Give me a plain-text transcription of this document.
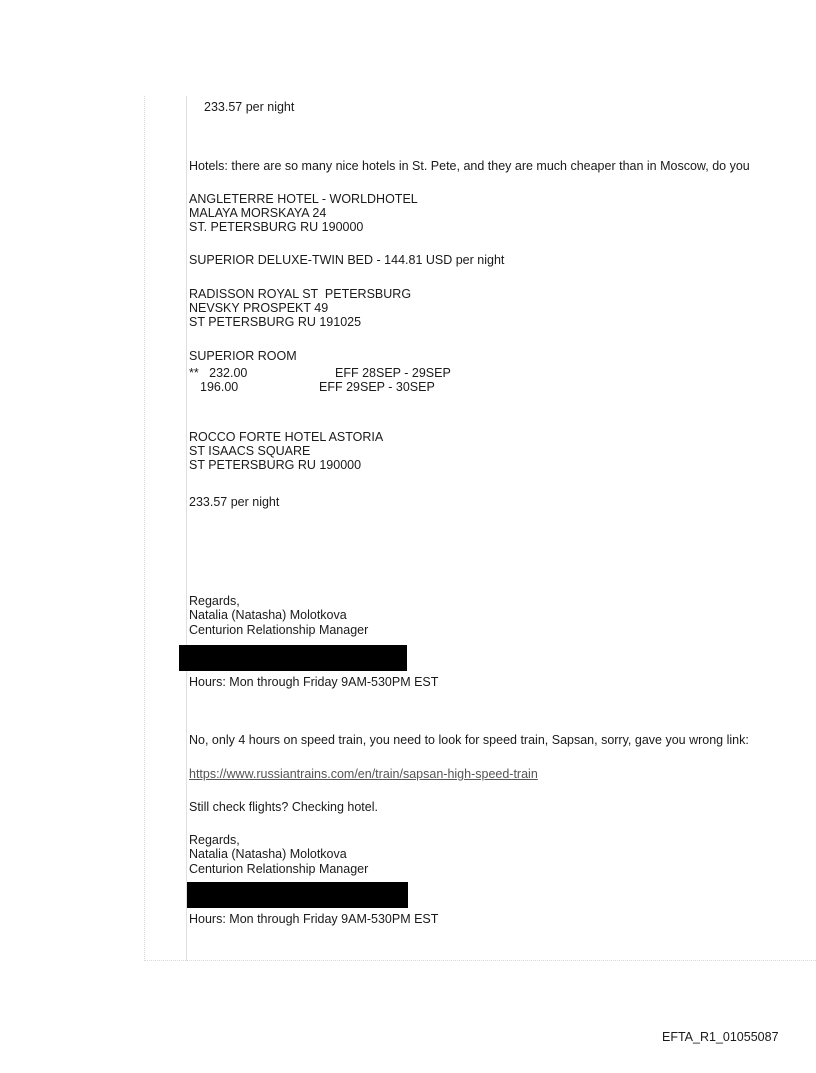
233.57 per night
Hotels: there are so many nice hotels in St. Pete, and they are much cheaper than in Moscow, do you
ANGLETERRE HOTEL - WORLDHOTEL
MALAYA MORSKAYA 24
ST. PETERSBURG RU 190000
SUPERIOR DELUXE-TWIN BED - 144.81 USD per night
RADISSON ROYAL ST  PETERSBURG
NEVSKY PROSPEKT 49
ST PETERSBURG RU 191025
SUPERIOR ROOM
**   232.00	EFF 28SEP - 29SEP
196.00	EFF 29SEP - 30SEP
ROCCO FORTE HOTEL ASTORIA
ST ISAACS SQUARE
ST PETERSBURG RU 190000
233.57 per night
Regards,
Natalia (Natasha) Molotkova
Centurion Relationship Manager
Hours: Mon through Friday 9AM-530PM EST
No, only 4 hours on speed train, you need to look for speed train, Sapsan, sorry, gave you wrong link:
https://www.russiantrains.com/en/train/sapsan-high-speed-train
Still check flights? Checking hotel.
Regards,
Natalia (Natasha) Molotkova
Centurion Relationship Manager
Hours: Mon through Friday 9AM-530PM EST
EFTA_R1_01055087
